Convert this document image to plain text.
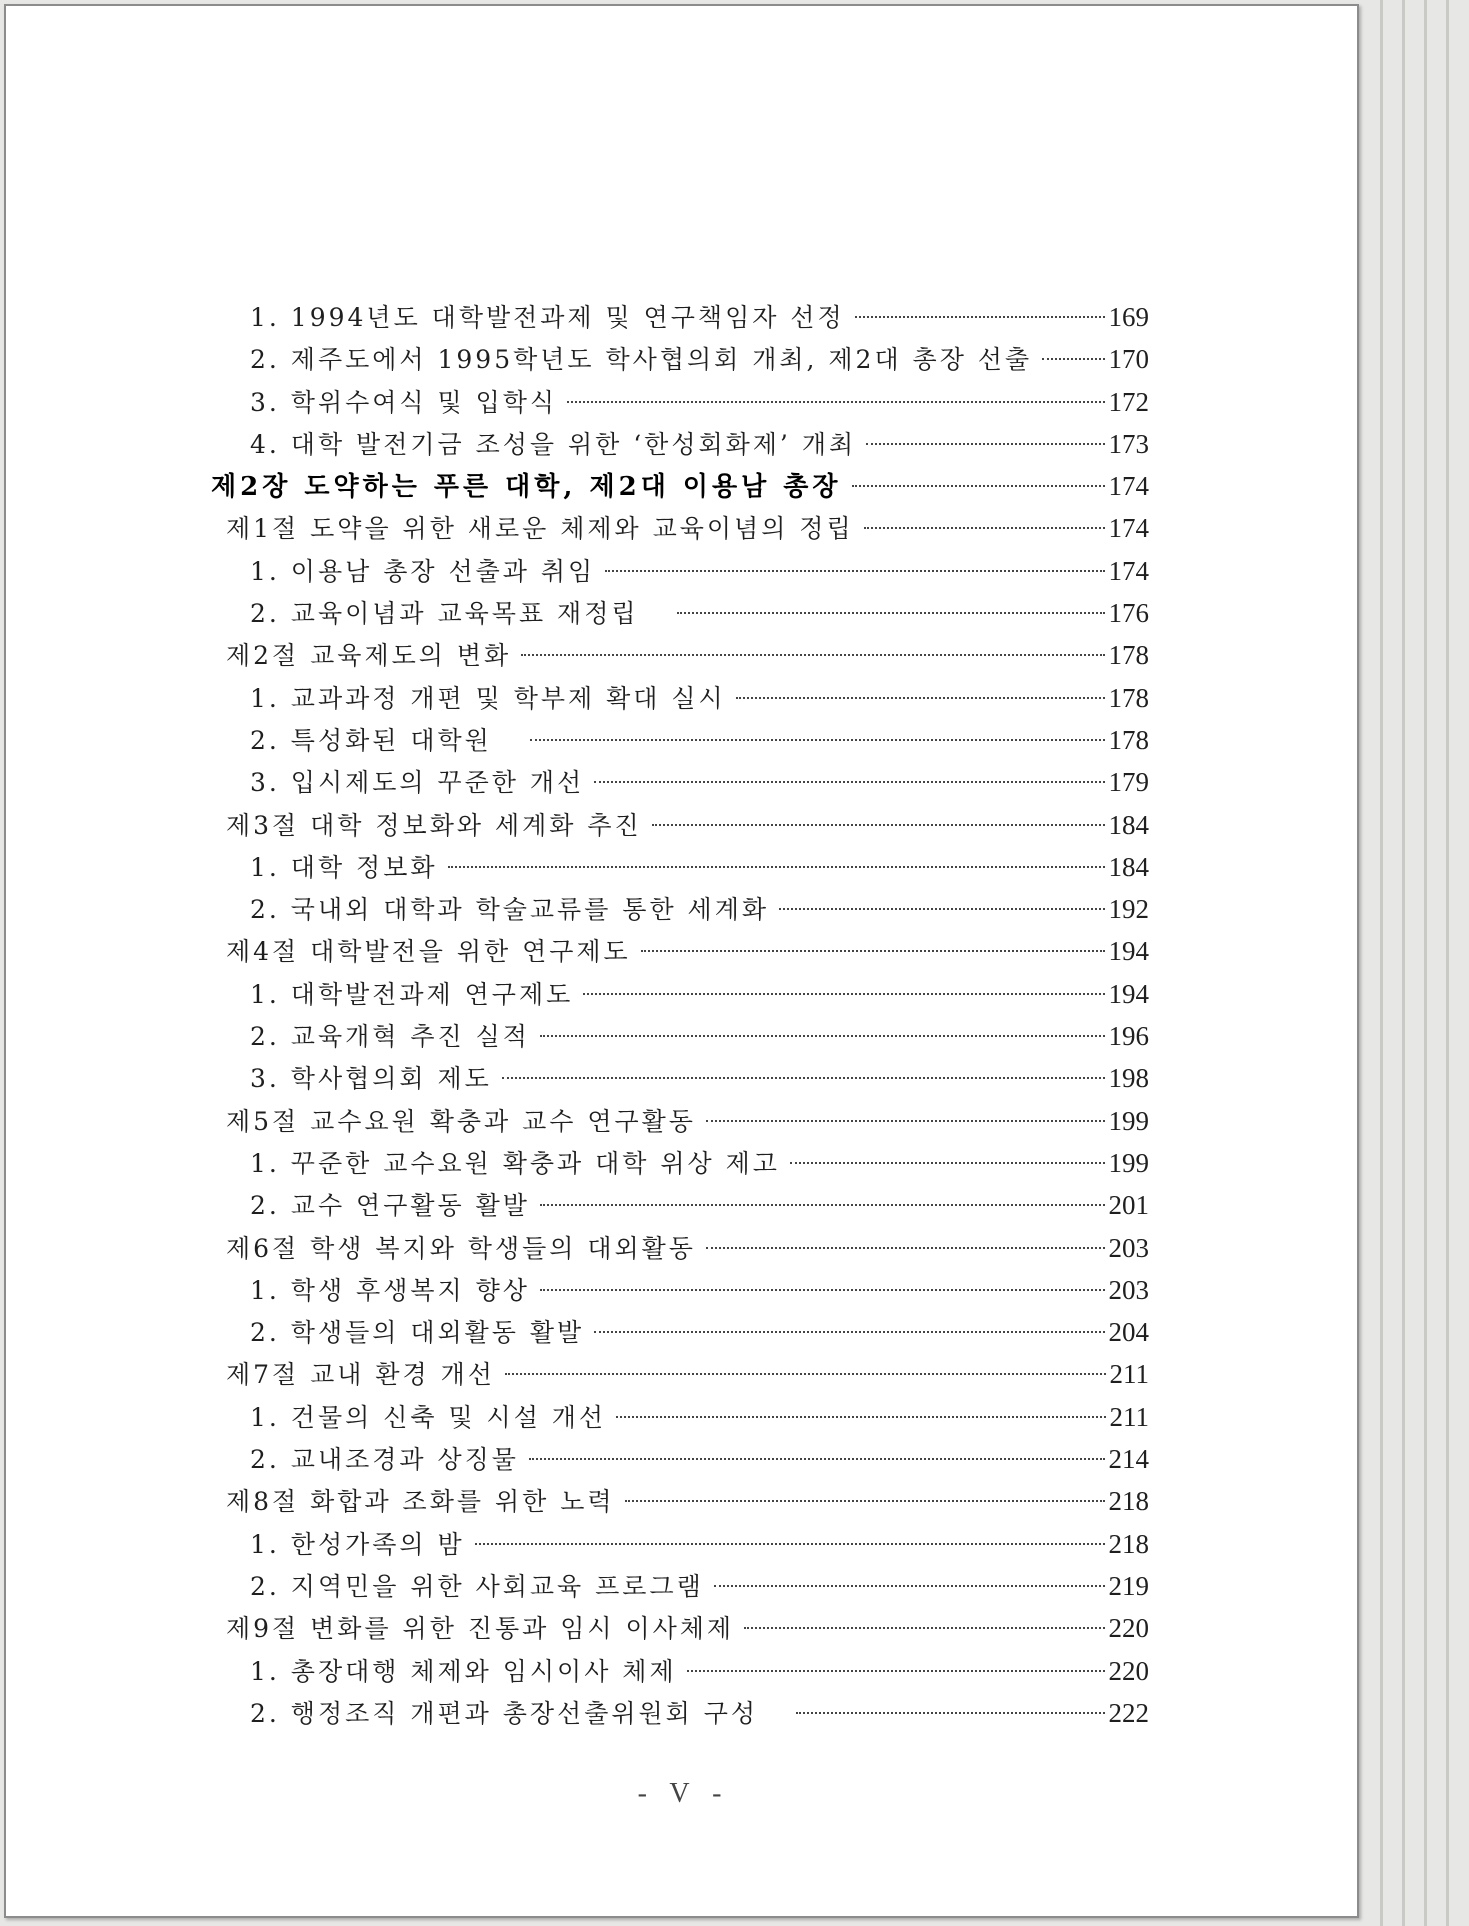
1. 1994년도 대학발전과제 및 연구책임자 선정	169
2. 제주도에서 1995학년도 학사협의회 개최, 제2대 총장 선출	170
3. 학위수여식 및 입학식	172
4. 대학 발전기금 조성을 위한 ‘한성회화제’ 개최	173
제2장 도약하는 푸른 대학, 제2대 이용남 총장	174
제1절 도약을 위한 새로운 체제와 교육이념의 정립	174
1. 이용남 총장 선출과 취임	174
2. 교육이념과 교육목표 재정립	176
제2절 교육제도의 변화	178
1. 교과과정 개편 및 학부제 확대 실시	178
2. 특성화된 대학원	178
3. 입시제도의 꾸준한 개선	179
제3절 대학 정보화와 세계화 추진	184
1. 대학 정보화	184
2. 국내외 대학과 학술교류를 통한 세계화	192
제4절 대학발전을 위한 연구제도	194
1. 대학발전과제 연구제도	194
2. 교육개혁 추진 실적	196
3. 학사협의회 제도	198
제5절 교수요원 확충과 교수 연구활동	199
1. 꾸준한 교수요원 확충과 대학 위상 제고	199
2. 교수 연구활동 활발	201
제6절 학생 복지와 학생들의 대외활동	203
1. 학생 후생복지 향상	203
2. 학생들의 대외활동 활발	204
제7절 교내 환경 개선	211
1. 건물의 신축 및 시설 개선	211
2. 교내조경과 상징물	214
제8절 화합과 조화를 위한 노력	218
1. 한성가족의 밤	218
2. 지역민을 위한 사회교육 프로그램	219
제9절 변화를 위한 진통과 임시 이사체제	220
1. 총장대행 체제와 임시이사 체제	220
2. 행정조직 개편과 총장선출위원회 구성	222
- V -
